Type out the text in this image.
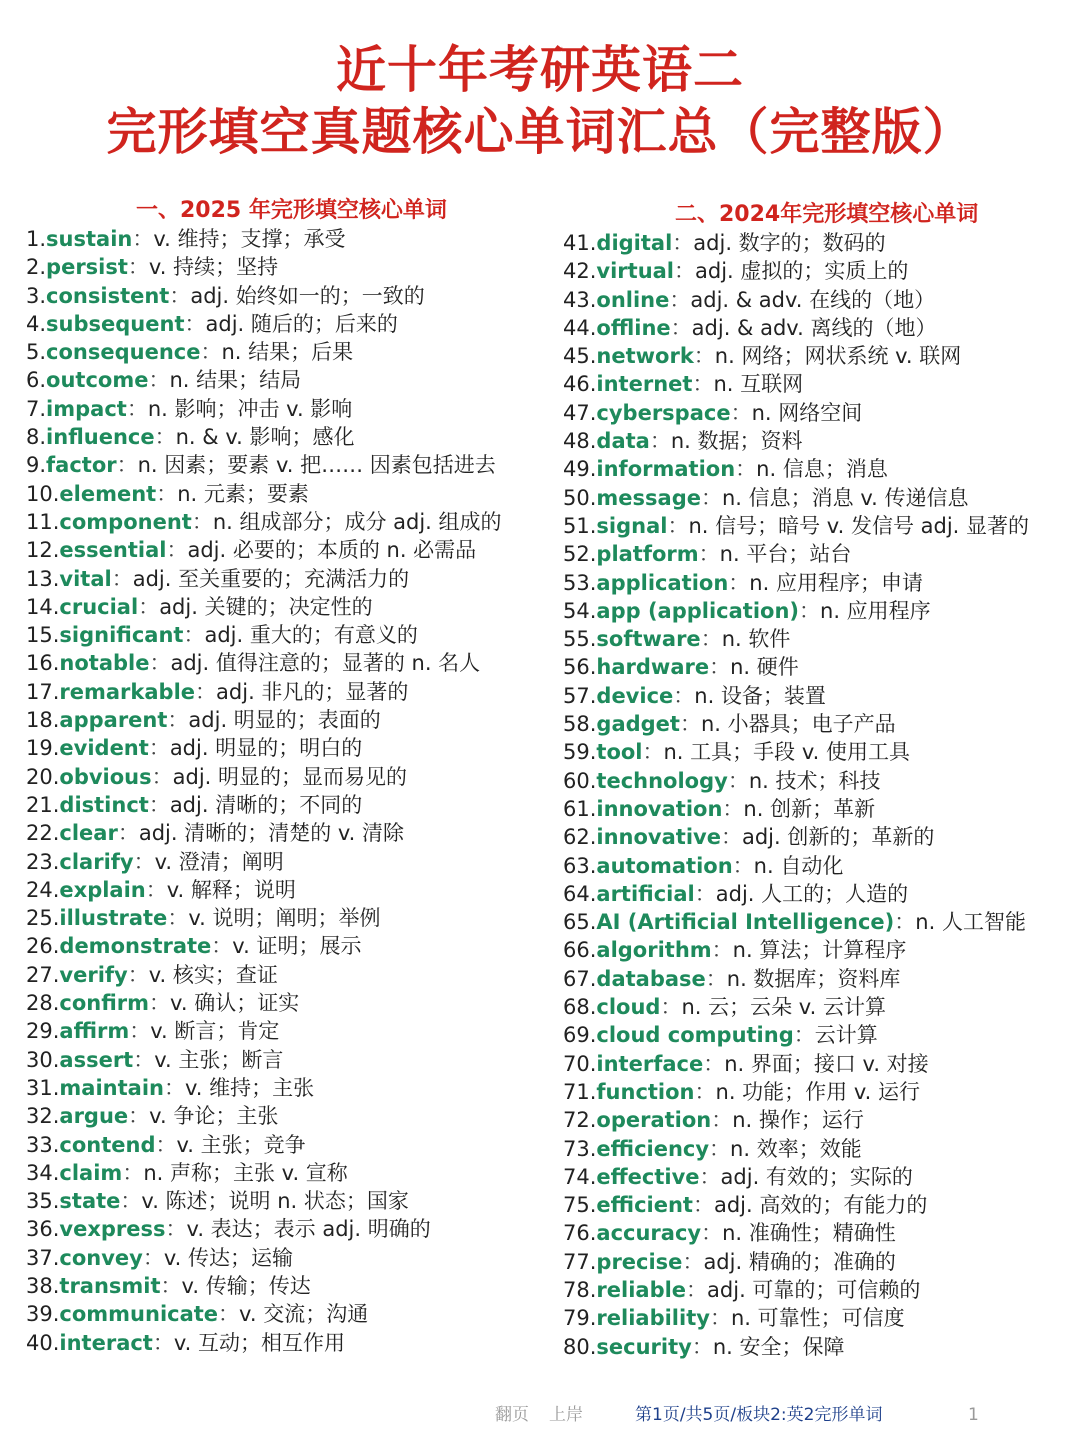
近十年考研英语二
完形填空真题核心单词汇总（完整版）
一、2025 年完形填空核心单词
1.sustain：v. 维持；支撑；承受
2.persist：v. 持续；坚持
3.consistent：adj. 始终如一的；一致的
4.subsequent：adj. 随后的；后来的
5.consequence：n. 结果；后果
6.outcome：n. 结果；结局
7.impact：n. 影响；冲击 v. 影响
8.influence：n. & v. 影响；感化
9.factor：n. 因素；要素 v. 把…… 因素包括进去
10.element：n. 元素；要素
11.component：n. 组成部分；成分 adj. 组成的
12.essential：adj. 必要的；本质的 n. 必需品
13.vital：adj. 至关重要的；充满活力的
14.crucial：adj. 关键的；决定性的
15.significant：adj. 重大的；有意义的
16.notable：adj. 值得注意的；显著的 n. 名人
17.remarkable：adj. 非凡的；显著的
18.apparent：adj. 明显的；表面的
19.evident：adj. 明显的；明白的
20.obvious：adj. 明显的；显而易见的
21.distinct：adj. 清晰的；不同的
22.clear：adj. 清晰的；清楚的 v. 清除
23.clarify：v. 澄清；阐明
24.explain：v. 解释；说明
25.illustrate：v. 说明；阐明；举例
26.demonstrate：v. 证明；展示
27.verify：v. 核实；查证
28.confirm：v. 确认；证实
29.affirm：v. 断言；肯定
30.assert：v. 主张；断言
31.maintain：v. 维持；主张
32.argue：v. 争论；主张
33.contend：v. 主张；竞争
34.claim：n. 声称；主张 v. 宣称
35.state：v. 陈述；说明 n. 状态；国家
36.vexpress：v. 表达；表示 adj. 明确的
37.convey：v. 传达；运输
38.transmit：v. 传输；传达
39.communicate：v. 交流；沟通
40.interact：v. 互动；相互作用
二、2024年完形填空核心单词
41.digital：adj. 数字的；数码的
42.virtual：adj. 虚拟的；实质上的
43.online：adj. & adv. 在线的（地）
44.offline：adj. & adv. 离线的（地）
45.network：n. 网络；网状系统 v. 联网
46.internet：n. 互联网
47.cyberspace：n. 网络空间
48.data：n. 数据；资料
49.information：n. 信息；消息
50.message：n. 信息；消息 v. 传递信息
51.signal：n. 信号；暗号 v. 发信号 adj. 显著的
52.platform：n. 平台；站台
53.application：n. 应用程序；申请
54.app (application)：n. 应用程序
55.software：n. 软件
56.hardware：n. 硬件
57.device：n. 设备；装置
58.gadget：n. 小器具；电子产品
59.tool：n. 工具；手段 v. 使用工具
60.technology：n. 技术；科技
61.innovation：n. 创新；革新
62.innovative：adj. 创新的；革新的
63.automation：n. 自动化
64.artificial：adj. 人工的；人造的
65.AI (Artificial Intelligence)：n. 人工智能
66.algorithm：n. 算法；计算程序
67.database：n. 数据库；资料库
68.cloud：n. 云；云朵 v. 云计算
69.cloud computing：云计算
70.interface：n. 界面；接口 v. 对接
71.function：n. 功能；作用 v. 运行
72.operation：n. 操作；运行
73.efficiency：n. 效率；效能
74.effective：adj. 有效的；实际的
75.efficient：adj. 高效的；有能力的
76.accuracy：n. 准确性；精确性
77.precise：adj. 精确的；准确的
78.reliable：adj. 可靠的；可信赖的
79.reliability：n. 可靠性；可信度
80.security：n. 安全；保障
翻页 上岸	第1页/共5页/板块2:英2完形单词	1
